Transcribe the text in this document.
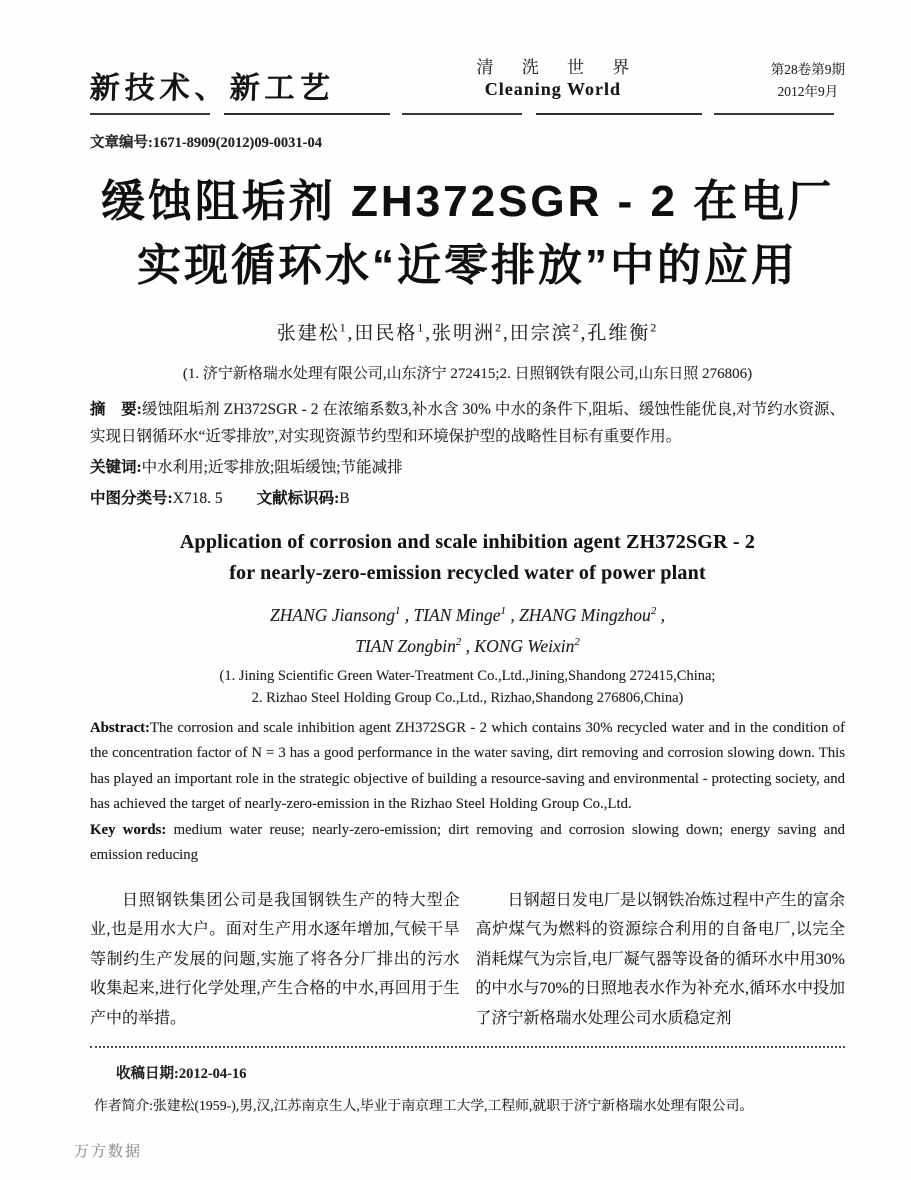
新技术、新工艺
清 洗 世 界
Cleaning World
第28卷第9期
2012年9月
文章编号:1671-8909(2012)09-0031-04
缓蚀阻垢剂 ZH372SGR - 2 在电厂
实现循环水“近零排放”中的应用
张建松$^1$,田民格$^1$,张明洲$^2$,田宗滨$^2$,孔维衡$^2$
(1. 济宁新格瑞水处理有限公司,山东济宁 272415;2. 日照钢铁有限公司,山东日照 276806)
摘　要:缓蚀阻垢剂 ZH372SGR - 2 在浓缩系数3,补水含 30% 中水的条件下,阻垢、缓蚀性能优良,对节约水资源、实现日钢循环水“近零排放”,对实现资源节约型和环境保护型的战略性目标有重要作用。
关键词:中水利用;近零排放;阻垢缓蚀;节能减排
中图分类号:X718. 5 文献标识码:B
Application of corrosion and scale inhibition agent ZH372SGR - 2
for nearly-zero-emission recycled water of power plant
ZHANG Jiansong$^1$ , TIAN Minge$^1$ , ZHANG Mingzhou$^2$ ,
TIAN Zongbin$^2$ , KONG Weixin$^2$
(1. Jining Scientific Green Water-Treatment Co.,Ltd.,Jining,Shandong 272415,China;
2. Rizhao Steel Holding Group Co.,Ltd., Rizhao,Shandong 276806,China)
Abstract:The corrosion and scale inhibition agent ZH372SGR - 2 which contains 30% recycled water and in the condition of the concentration factor of N = 3 has a good performance in the water saving, dirt removing and corrosion slowing down. This has played an important role in the strategic objective of building a resource-saving and environmental - protecting society, and has achieved the target of nearly-zero-emission in the Rizhao Steel Holding Group Co.,Ltd.
Key words: medium water reuse; nearly-zero-emission; dirt removing and corrosion slowing down; energy saving and emission reducing

日照钢铁集团公司是我国钢铁生产的特大型企业,也是用水大户。面对生产用水逐年增加,气候干旱等制约生产发展的问题,实施了将各分厂排出的污水收集起来,进行化学处理,产生合格的中水,再回用于生产中的举措。

日钢超日发电厂是以钢铁冶炼过程中产生的富余高炉煤气为燃料的资源综合利用的自备电厂,以完全消耗煤气为宗旨,电厂凝气器等设备的循环水中用30%的中水与70%的日照地表水作为补充水,循环水中投加了济宁新格瑞水处理公司水质稳定剂

收稿日期:2012-04-16
作者简介:张建松(1959-),男,汉,江苏南京生人,毕业于南京理工大学,工程师,就职于济宁新格瑞水处理有限公司。
万方数据
